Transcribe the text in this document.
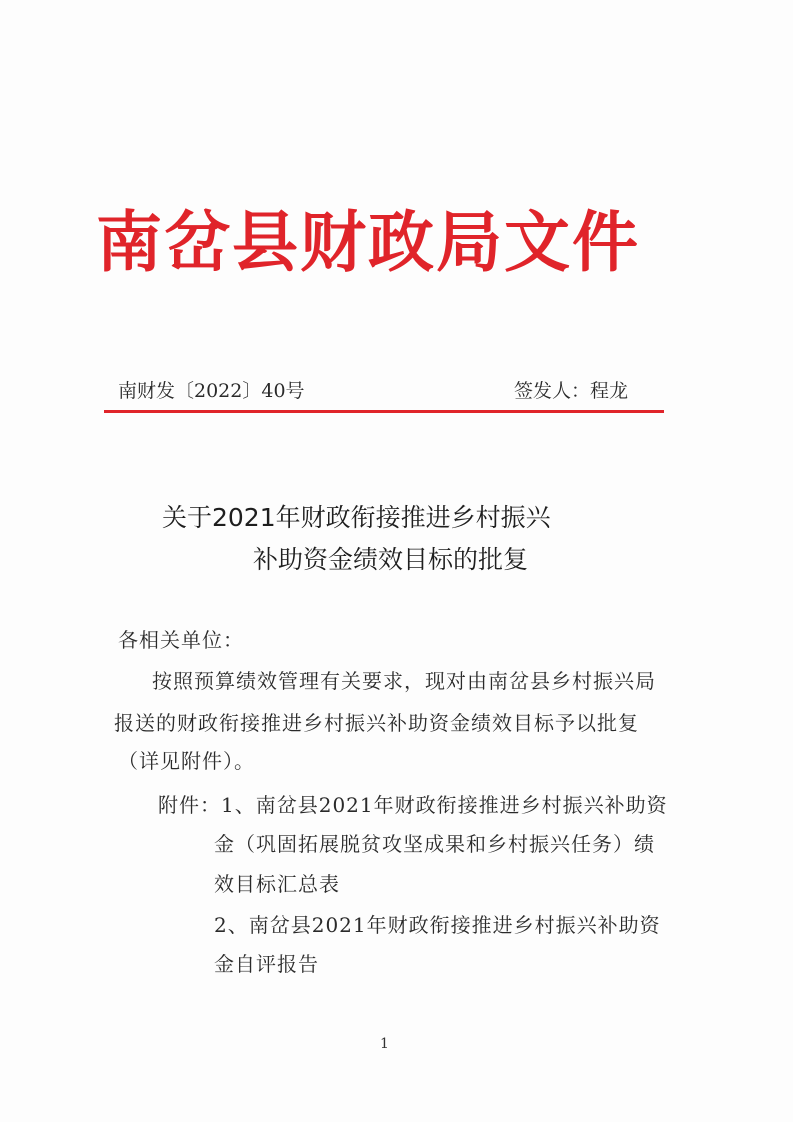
南岔县财政局文件
南财发〔2022〕40号	签发人：程龙
关于2021年财政衔接推进乡村振兴
补助资金绩效目标的批复
各相关单位：
按照预算绩效管理有关要求，现对由南岔县乡村振兴局
报送的财政衔接推进乡村振兴补助资金绩效目标予以批复
（详见附件）。
附件：1、南岔县2021年财政衔接推进乡村振兴补助资
金（巩固拓展脱贫攻坚成果和乡村振兴任务）绩
效目标汇总表
2、南岔县2021年财政衔接推进乡村振兴补助资
金自评报告
1
